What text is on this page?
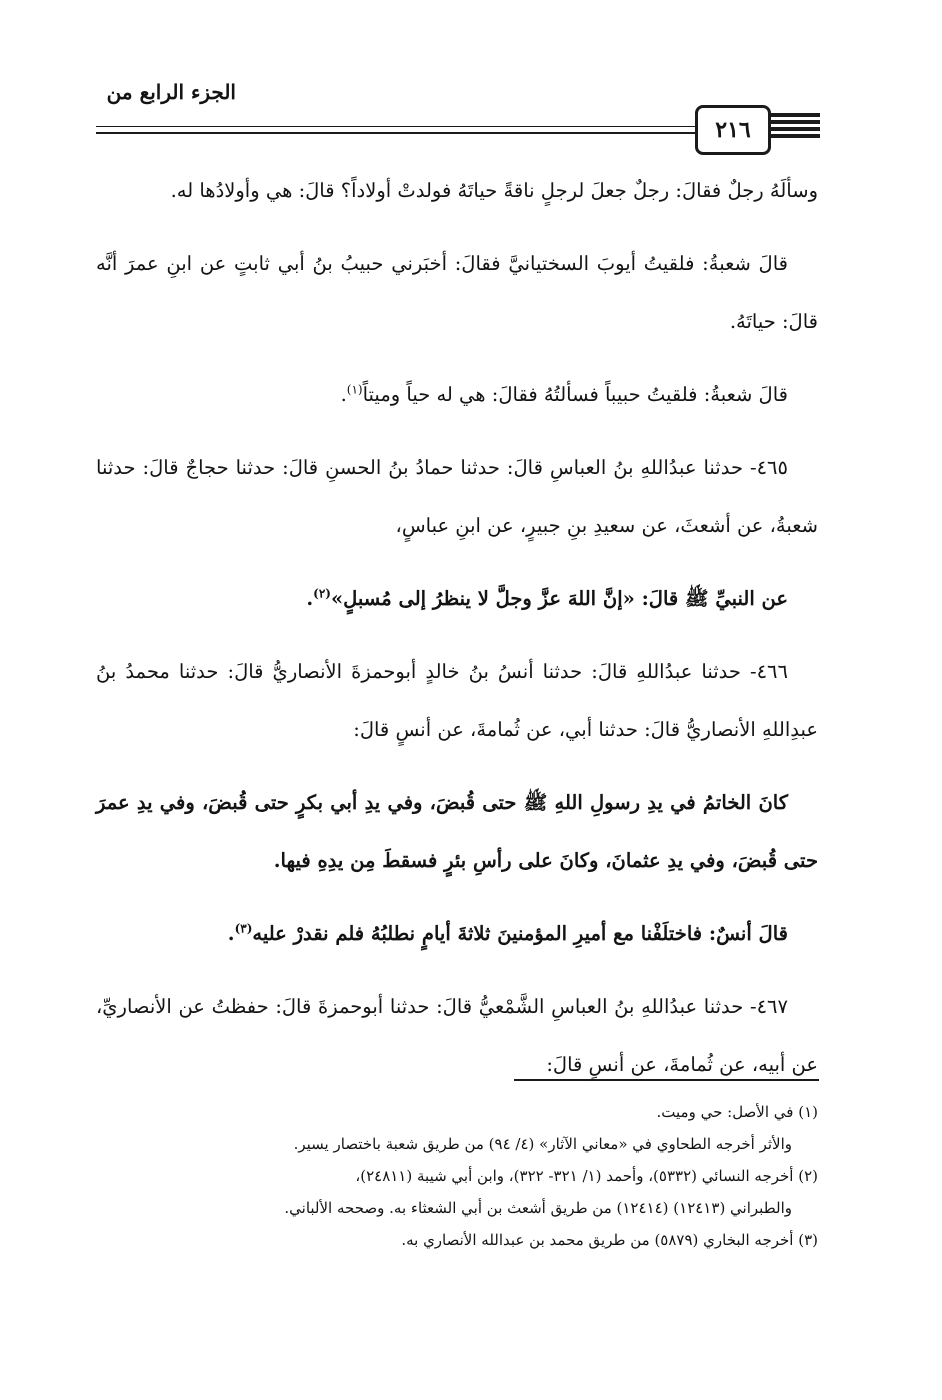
الجزء الرابع من
٢١٦

وسألَهُ رجلٌ فقالَ: رجلٌ جعلَ لرجلٍ ناقةً حياتَهُ فولدتْ أولاداً؟ قالَ: هي وأولادُها له.

قالَ شعبةُ: فلقيتُ أيوبَ السختيانيَّ فقالَ: أخبَرني حبيبُ بنُ أبي ثابتٍ عن ابنِ عمرَ أنَّه قالَ: حياتَهُ.

قالَ شعبةُ: فلقيتُ حبيباً فسألتُهُ فقالَ: هي له حياً وميتاً$^{(١)}$.

٤٦٥- حدثنا عبدُاللهِ بنُ العباسِ قالَ: حدثنا حمادُ بنُ الحسنِ قالَ: حدثنا حجاجٌ قالَ: حدثنا شعبةُ، عن أشعثَ، عن سعيدِ بنِ جبيرٍ، عن ابنِ عباسٍ،

عن النبيِّ ﷺ قالَ: «إنَّ اللهَ عزَّ وجلَّ لا ينظرُ إلى مُسبلٍ»$^{(٢)}$.

٤٦٦- حدثنا عبدُاللهِ قالَ: حدثنا أنسُ بنُ خالدٍ أبوحمزةَ الأنصاريُّ قالَ: حدثنا محمدُ بنُ عبدِاللهِ الأنصاريُّ قالَ: حدثنا أبي، عن ثُمامةَ، عن أنسٍ قالَ:

كانَ الخاتمُ في يدِ رسولِ اللهِ ﷺ حتى قُبضَ، وفي يدِ أبي بكرٍ حتى قُبضَ، وفي يدِ عمرَ حتى قُبضَ، وفي يدِ عثمانَ، وكانَ على رأسِ بئرٍ فسقطَ مِن يدِهِ فيها.

قالَ أنسٌ: فاختلَفْنا مع أميرِ المؤمنينَ ثلاثةَ أيامٍ نطلبُهُ فلم نقدرْ عليه$^{(٣)}$.

٤٦٧- حدثنا عبدُاللهِ بنُ العباسِ الشَّمْعيُّ قالَ: حدثنا أبوحمزةَ قالَ: حفظتُ عن الأنصاريِّ، عن أبيه، عن ثُمامةَ، عن أنسٍ قالَ:

(١) في الأصل: حي وميت.
والأثر أخرجه الطحاوي في «معاني الآثار» (٤/ ٩٤) من طريق شعبة باختصار يسير.
(٢) أخرجه النسائي (٥٣٣٢)، وأحمد (١/ ٣٢١- ٣٢٢)، وابن أبي شيبة (٢٤٨١١)،
والطبراني (١٢٤١٣) (١٢٤١٤) من طريق أشعث بن أبي الشعثاء به. وصححه الألباني.
(٣) أخرجه البخاري (٥٨٧٩) من طريق محمد بن عبدالله الأنصاري به.
